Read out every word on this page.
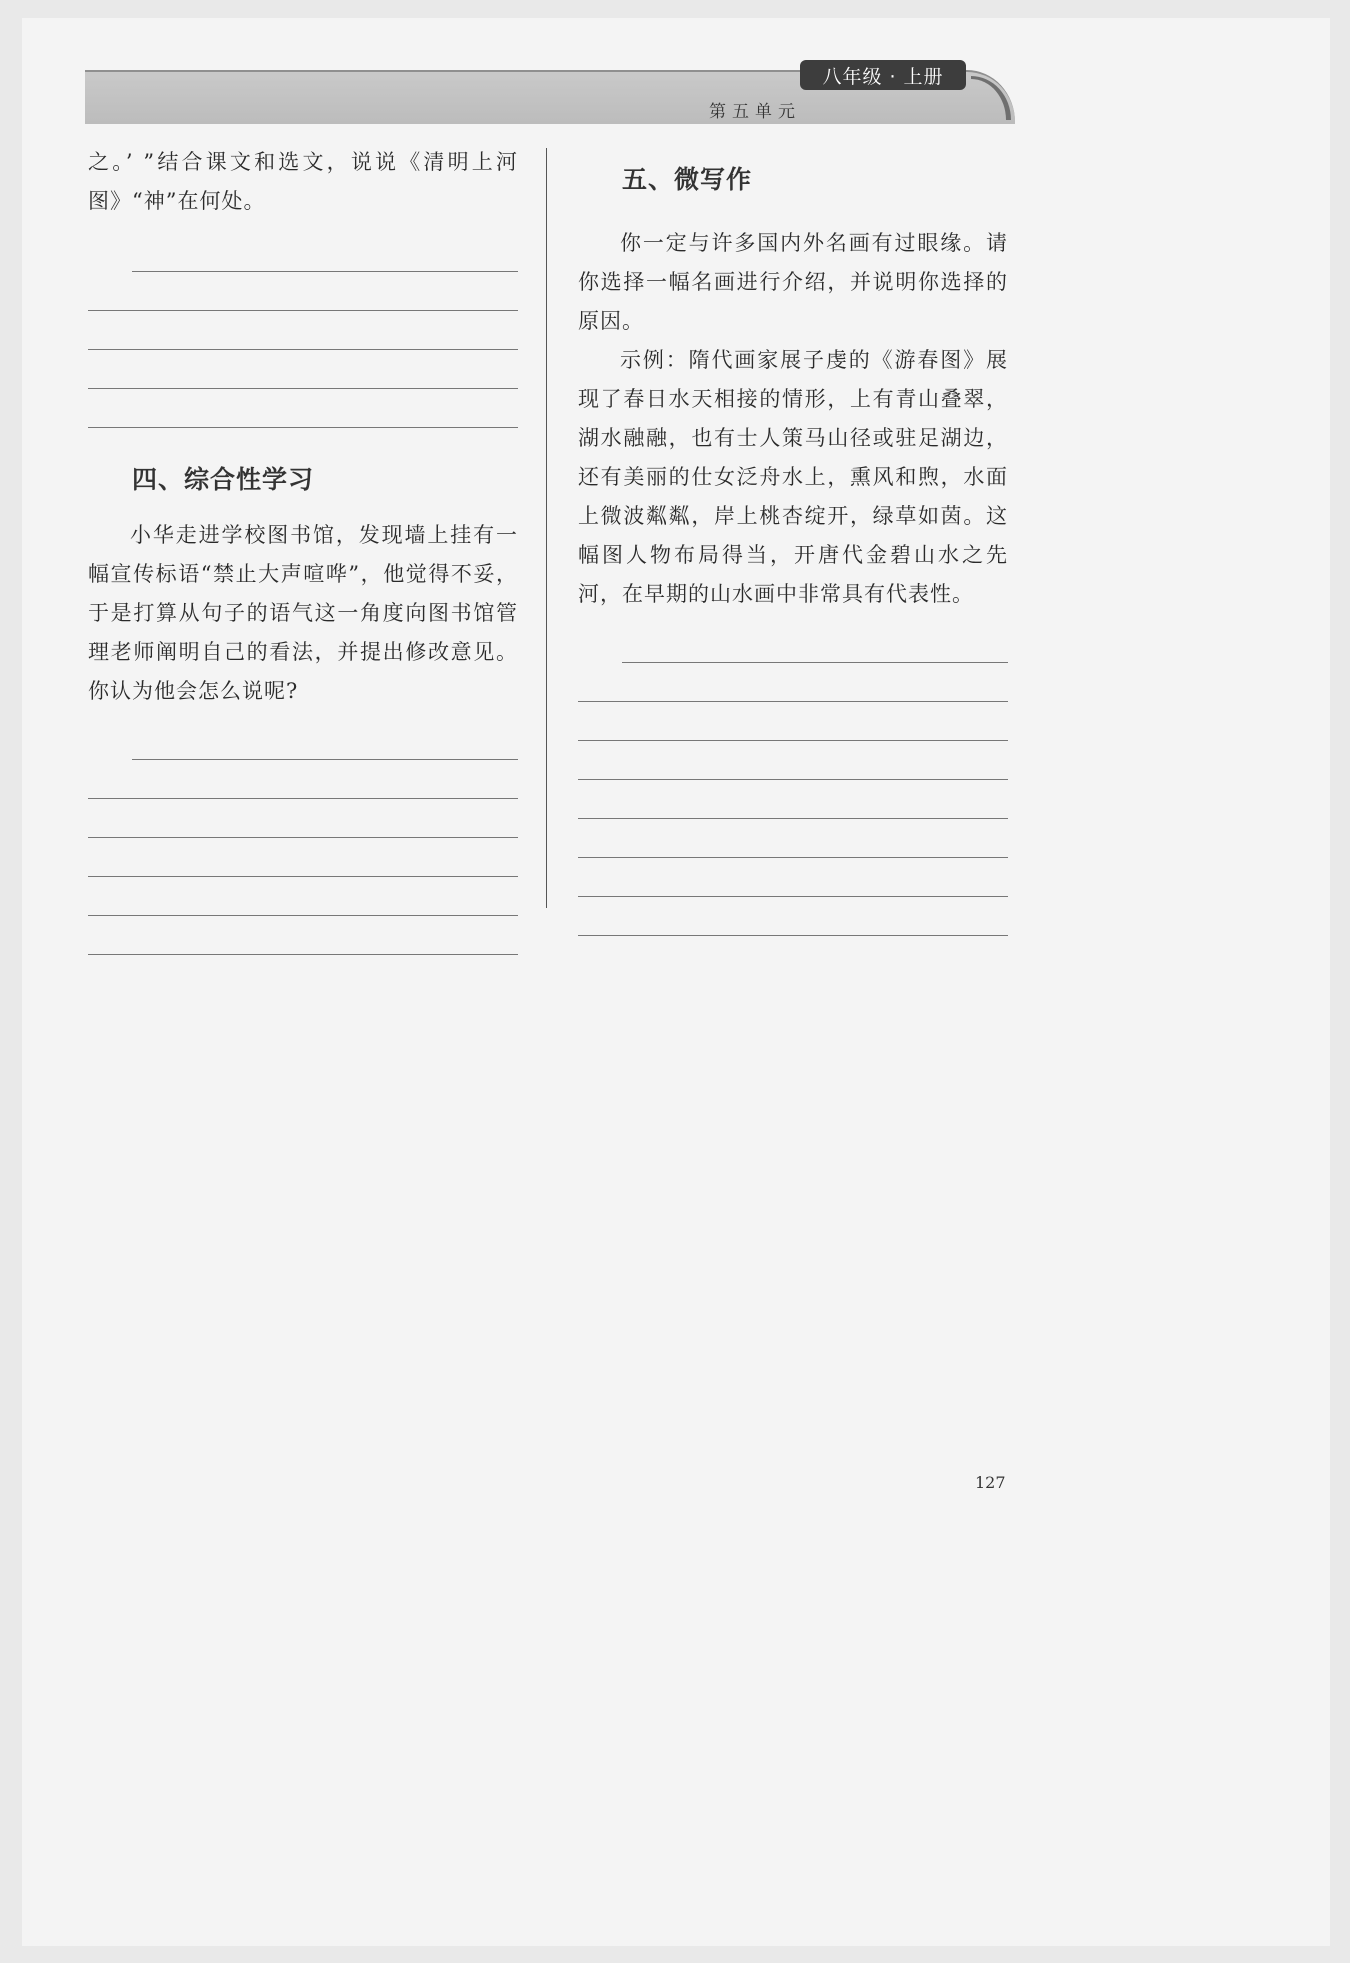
八年级 · 上册
第五单元

之。’ ”结合课文和选文，说说《清明上河图》“神”在何处。

四、综合性学习

小华走进学校图书馆，发现墙上挂有一幅宣传标语“禁止大声喧哗”，他觉得不妥，于是打算从句子的语气这一角度向图书馆管理老师阐明自己的看法，并提出修改意见。你认为他会怎么说呢?

五、微写作

你一定与许多国内外名画有过眼缘。请你选择一幅名画进行介绍，并说明你选择的原因。

示例：隋代画家展子虔的《游春图》展现了春日水天相接的情形，上有青山叠翠，湖水融融，也有士人策马山径或驻足湖边，还有美丽的仕女泛舟水上，熏风和煦，水面上微波粼粼，岸上桃杏绽开，绿草如茵。这幅图人物布局得当，开唐代金碧山水之先河，在早期的山水画中非常具有代表性。

127
